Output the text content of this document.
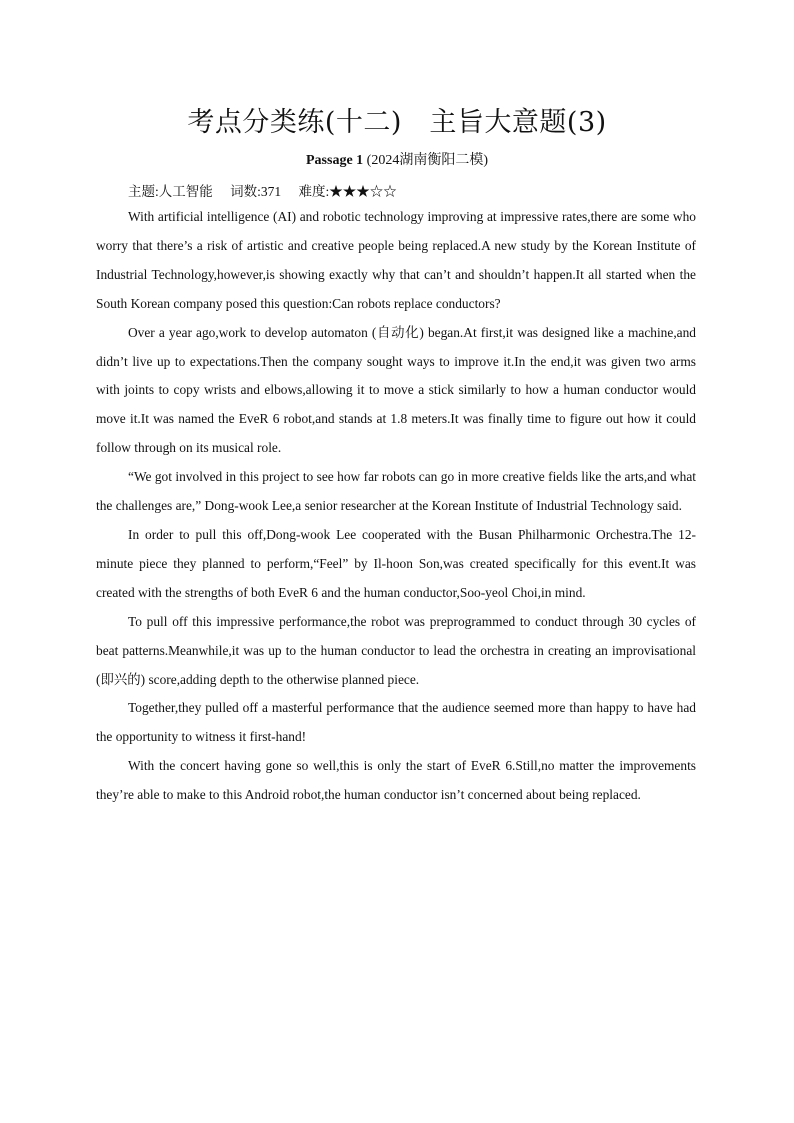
考点分类练(十二)　主旨大意题(3)
Passage 1 (2024湖南衡阳二模)
主题:人工智能 词数:371 难度:★★★☆☆

With artificial intelligence (AI) and robotic technology improving at impressive rates,there are some who worry that there’s a risk of artistic and creative people being replaced.A new study by the Korean Institute of Industrial Technology,however,is showing exactly why that can’t and shouldn’t happen.It all started when the South Korean company posed this question:Can robots replace conductors?

Over a year ago,work to develop automaton (自动化) began.At first,it was designed like a machine,and didn’t live up to expectations.Then the company sought ways to improve it.In the end,it was given two arms with joints to copy wrists and elbows,allowing it to move a stick similarly to how a human conductor would move it.It was named the EveR 6 robot,and stands at 1.8 meters.It was finally time to figure out how it could follow through on its musical role.

“We got involved in this project to see how far robots can go in more creative fields like the arts,and what the challenges are,” Dong-wook Lee,a senior researcher at the Korean Institute of Industrial Technology said.

In order to pull this off,Dong-wook Lee cooperated with the Busan Philharmonic Orchestra.The 12-minute piece they planned to perform,“Feel” by Il-hoon Son,was created specifically for this event.It was created with the strengths of both EveR 6 and the human conductor,Soo-yeol Choi,in mind.

To pull off this impressive performance,the robot was preprogrammed to conduct through 30 cycles of beat patterns.Meanwhile,it was up to the human conductor to lead the orchestra in creating an improvisational (即兴的) score,adding depth to the otherwise planned piece.

Together,they pulled off a masterful performance that the audience seemed more than happy to have had the opportunity to witness it first-hand!

With the concert having gone so well,this is only the start of EveR 6.Still,no matter the improvements they’re able to make to this Android robot,the human conductor isn’t concerned about being replaced.
